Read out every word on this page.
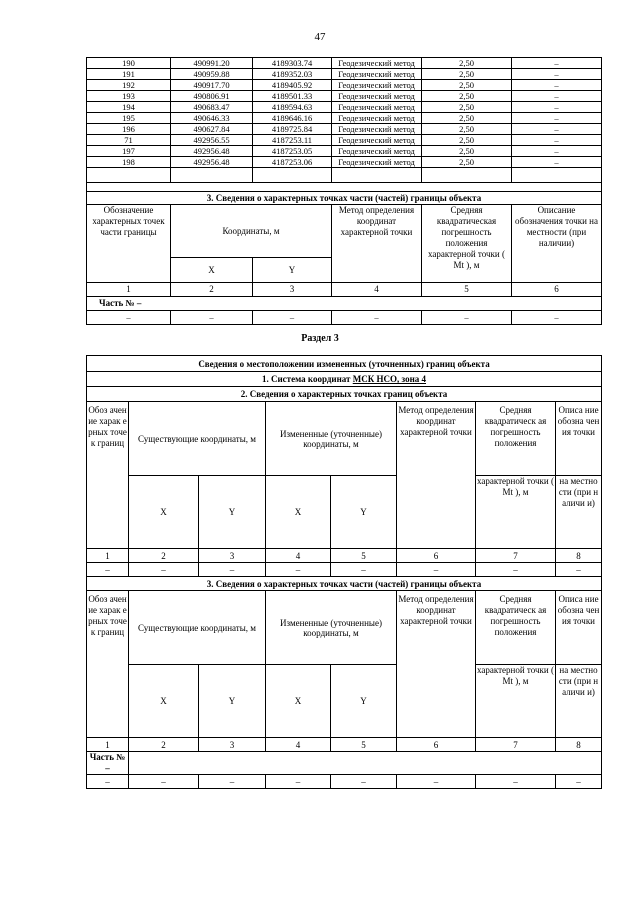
47
190	490991.20	4189303.74	Геодезический метод	2,50	–
191	490959.88	4189352.03	Геодезический метод	2,50	–
192	490917.70	4189405.92	Геодезический метод	2,50	–
193	490806.91	4189501.33	Геодезический метод	2,50	–
194	490683.47	4189594.63	Геодезический метод	2,50	–
195	490646.33	4189646.16	Геодезический метод	2,50	–
196	490627.84	4189725.84	Геодезический метод	2,50	–
71	492956.55	4187253.11	Геодезический метод	2,50	–
197	492956.48	4187253.05	Геодезический метод	2,50	–
198	492956.48	4187253.06	Геодезический метод	2,50	–

3. Сведения о характерных точках части (частей) границы объекта					
Обозначение характерных точек части границы	Координаты, м		Метод определения координат характерной точки	Средняя квадратическая погрешность положения характерной точки ( Mt ), м	Описание обозначения точки на местности (при наличии)
	X	Y			
1	2	3	4	5	6
Часть № –					
–	–	–	–	–	–
Раздел 3
Сведения о местоположении измененных (уточненных) границ объекта							
1. Система координат МСК НСО, зона 4							
2. Сведения о характерных точках границ объекта							
Обоз ачение харак ерных точек границ	Существующие координаты, м		Измененные (уточненные) координаты, м		Метод определения координат характерной точки	Средняя квадратическ ая погрешность положения	Описа ние обозна чения точки
	X	Y	X	Y		характерной точки ( Mt ), м	на местно сти (при наличи и)
1	2	3	4	5	6	7	8
–	–	–	–	–	–	–	–
3. Сведения о характерных точках части (частей) границы объекта							
Обоз ачение харак ерных точек границ	Существующие координаты, м		Измененные (уточненные) координаты, м		Метод определения координат характерной точки	Средняя квадратическ ая погрешность положения	Описа ние обозна чения точки
	X	Y	X	Y		характерной точки ( Mt ), м	на местно сти (при наличи и)
1	2	3	4	5	6	7	8
Часть № –							
–	–	–	–	–	–	–	–
